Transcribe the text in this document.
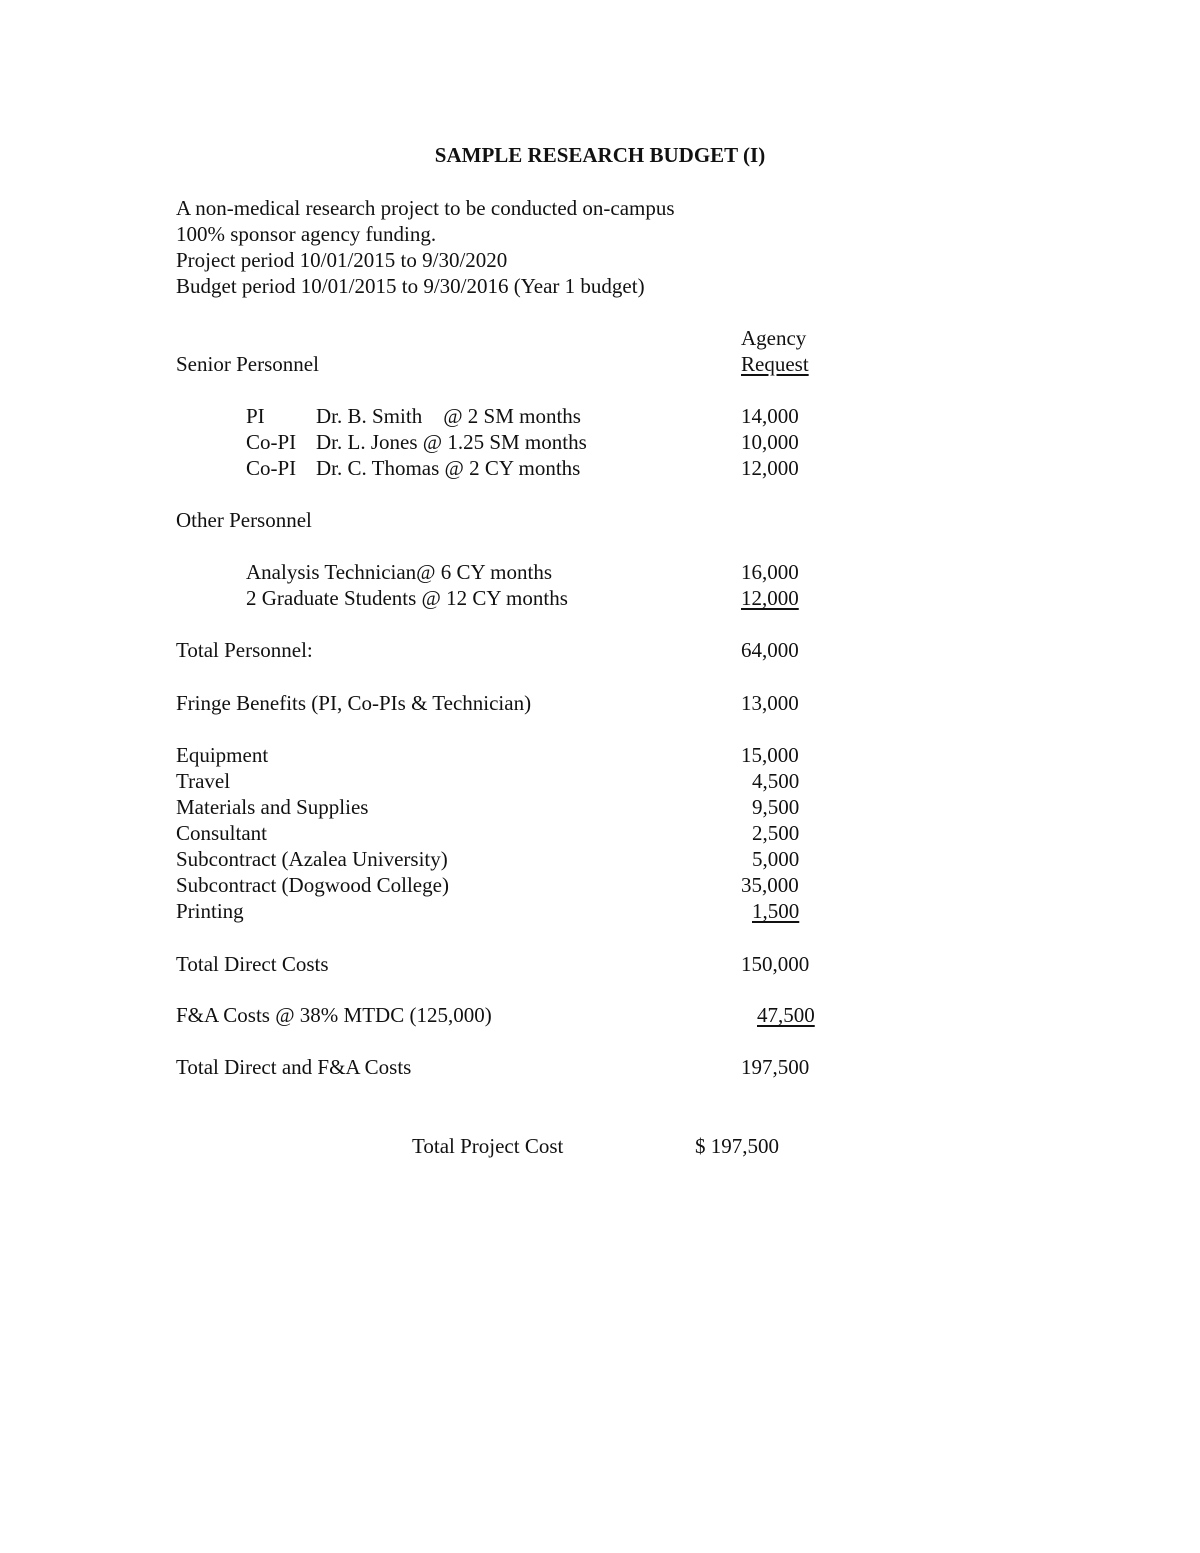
SAMPLE RESEARCH BUDGET (I)
A non-medical research project to be conducted on-campus
100% sponsor agency funding.
Project period 10/01/2015 to 9/30/2020
Budget period 10/01/2015 to 9/30/2016 (Year 1 budget)
Agency
Request
Senior Personnel
PI Dr. B. Smith    @ 2 SM months	14,000
Co-PI Dr. L. Jones @ 1.25 SM months	10,000
Co-PI Dr. C. Thomas @ 2 CY months	12,000
Other Personnel
Analysis Technician@ 6 CY months	16,000
2 Graduate Students @ 12 CY months	12,000
Total Personnel:	64,000
Fringe Benefits (PI, Co-PIs & Technician)	13,000
Equipment	15,000
Travel	4,500
Materials and Supplies	9,500
Consultant	2,500
Subcontract (Azalea University)	5,000
Subcontract (Dogwood College)	35,000
Printing	1,500
Total Direct Costs	150,000
F&A Costs @ 38% MTDC (125,000)	47,500
Total Direct and F&A Costs	197,500
Total Project Cost	$ 197,500
